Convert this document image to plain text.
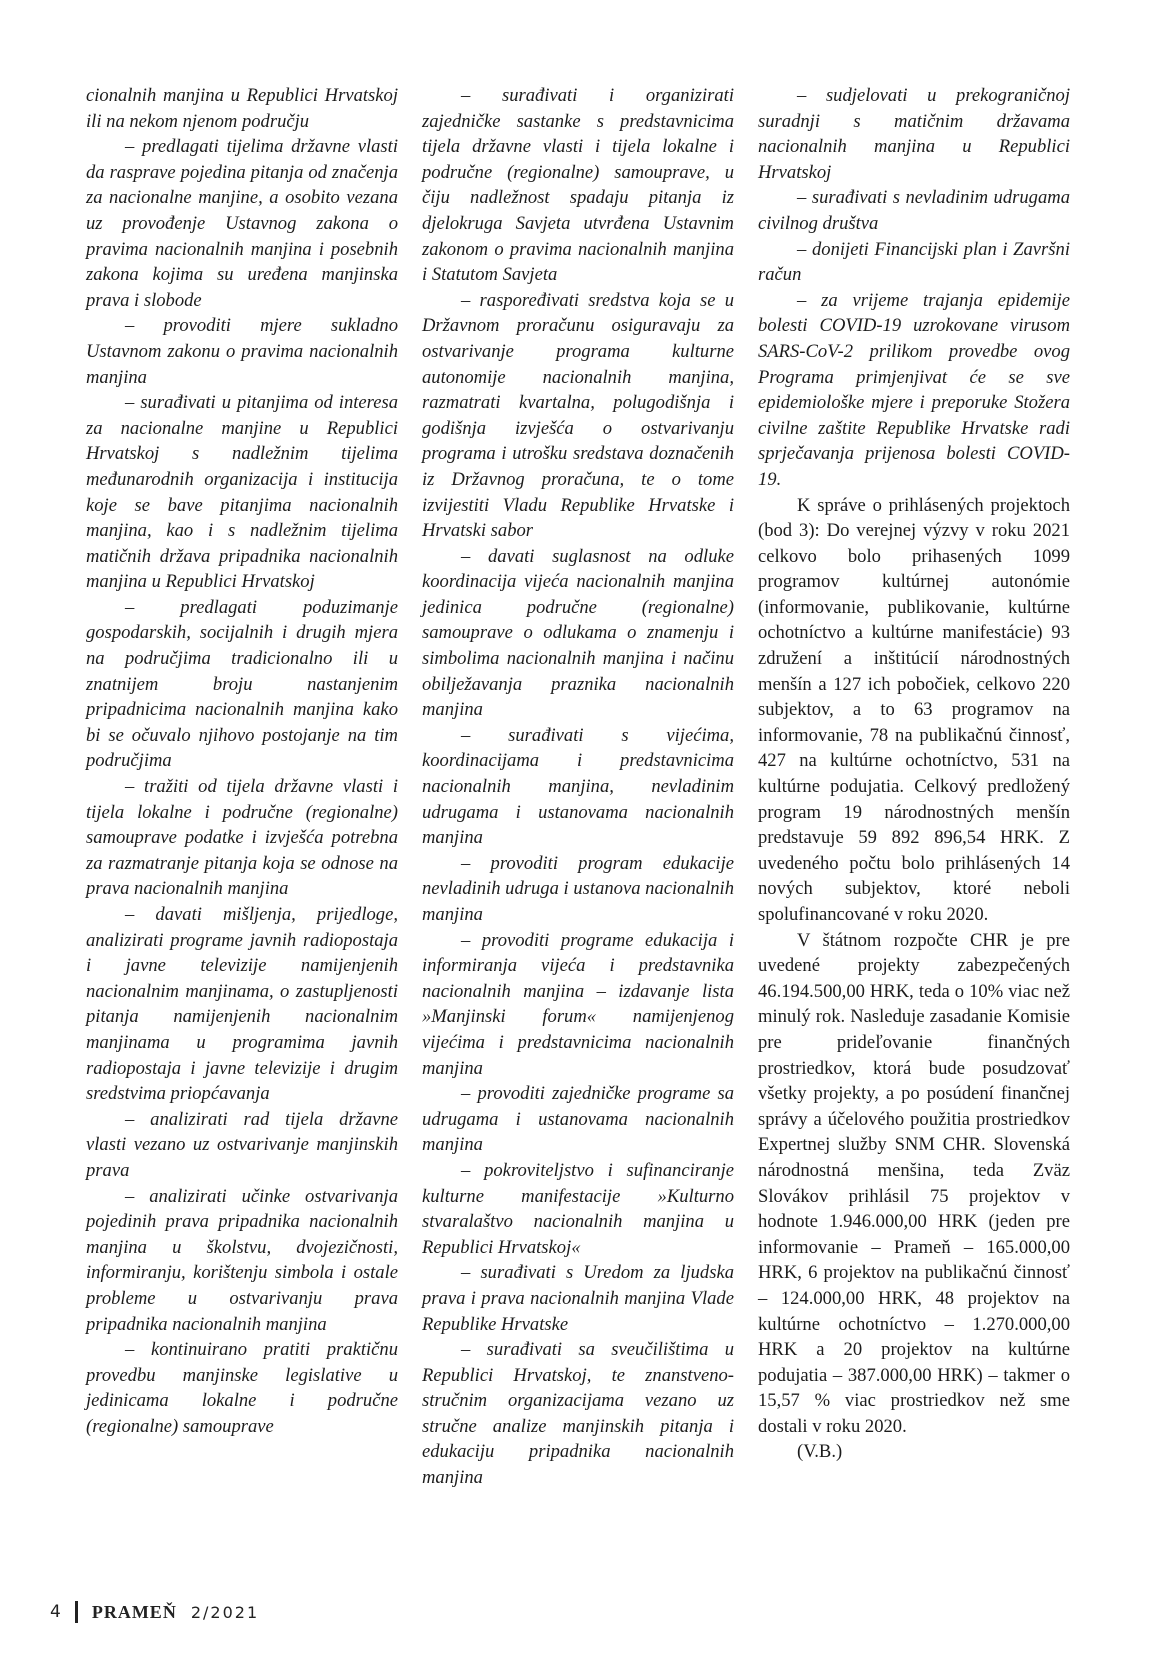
cionalnih manjina u Republici Hrvatskoj ili na nekom njenom području

– predlagati tijelima državne vlasti da rasprave pojedina pitanja od značenja za nacionalne manjine, a osobito vezana uz provođenje Ustavnog zakona o pravima nacionalnih manjina i posebnih zakona kojima su uređena manjinska prava i slobode

– provoditi mjere sukladno Ustavnom zakonu o pravima nacionalnih manjina

– surađivati u pitanjima od interesa za nacionalne manjine u Republici Hrvatskoj s nadležnim tijelima međunarodnih organizacija i institucija koje se bave pitanjima nacionalnih manjina, kao i s nadležnim tijelima matičnih država pripadnika nacionalnih manjina u Republici Hrvatskoj

– predlagati poduzimanje gospodarskih, socijalnih i drugih mjera na područjima tradicionalno ili u znatnijem broju nastanjenim pripadnicima nacionalnih manjina kako bi se očuvalo njihovo postojanje na tim područjima

– tražiti od tijela državne vlasti i tijela lokalne i područne (regionalne) samouprave podatke i izvješća potrebna za razmatranje pitanja koja se odnose na prava nacionalnih manjina

– davati mišljenja, prijedloge, analizirati programe javnih radiopostaja i javne televizije namijenjenih nacionalnim manjinama, o zastupljenosti pitanja namijenjenih nacionalnim manjinama u programima javnih radiopostaja i javne televizije i drugim sredstvima priopćavanja

– analizirati rad tijela državne vlasti vezano uz ostvarivanje manjinskih prava

– analizirati učinke ostvarivanja pojedinih prava pripadnika nacionalnih manjina u školstvu, dvojezičnosti, informiranju, korištenju simbola i ostale probleme u ostvarivanju prava pripadnika nacionalnih manjina

– kontinuirano pratiti praktičnu provedbu manjinske legislative u jedinicama lokalne i područne (regionalne) samouprave

– surađivati i organizirati zajedničke sastanke s predstavnicima tijela državne vlasti i tijela lokalne i područne (regionalne) samouprave, u čiju nadležnost spadaju pitanja iz djelokruga Savjeta utvrđena Ustavnim zakonom o pravima nacionalnih manjina i Statutom Savjeta

– raspoređivati sredstva koja se u Državnom proračunu osiguravaju za ostvarivanje programa kulturne autonomije nacionalnih manjina, razmatrati kvartalna, polugodišnja i godišnja izvješća o ostvarivanju programa i utrošku sredstava doznačenih iz Državnog proračuna, te o tome izvijestiti Vladu Republike Hrvatske i Hrvatski sabor

– davati suglasnost na odluke koordinacija vijeća nacionalnih manjina jedinica područne (regionalne) samouprave o odlukama o znamenju i simbolima nacionalnih manjina i načinu obilježavanja praznika nacionalnih manjina

– surađivati s vijećima, koordinacijama i predstavnicima nacionalnih manjina, nevladinim udrugama i ustanovama nacionalnih manjina

– provoditi program edukacije nevladinih udruga i ustanova nacionalnih manjina

– provoditi programe edukacija i informiranja vijeća i predstavnika nacionalnih manjina – izdavanje lista »Manjinski forum« namijenjenog vijećima i predstavnicima nacionalnih manjina

– provoditi zajedničke programe sa udrugama i ustanovama nacionalnih manjina

– pokroviteljstvo i sufinanciranje kulturne manifestacije »Kulturno stvaralaštvo nacionalnih manjina u Republici Hrvatskoj«

– surađivati s Uredom za ljudska prava i prava nacionalnih manjina Vlade Republike Hrvatske

– surađivati sa sveučilištima u Republici Hrvatskoj, te znanstveno-stručnim organizacijama vezano uz stručne analize manjinskih pitanja i edukaciju pripadnika nacionalnih manjina

– sudjelovati u prekograničnoj suradnji s matičnim državama nacionalnih manjina u Republici Hrvatskoj

– surađivati s nevladinim udrugama civilnog društva

– donijeti Financijski plan i Završni račun

– za vrijeme trajanja epidemije bolesti COVID-19 uzrokovane virusom SARS-CoV-2 prilikom provedbe ovog Programa primjenjivat će se sve epidemiološke mjere i preporuke Stožera civilne zaštite Republike Hrvatske radi sprječavanja prijenosa bolesti COVID-19.

K správe o prihlásených projektoch (bod 3): Do verejnej výzvy v roku 2021 celkovo bolo prihasených 1099 programov kultúrnej autonómie (informovanie, publikovanie, kultúrne ochotníctvo a kultúrne manifestácie) 93 združení a inštitúcií národnostných menšín a 127 ich pobočiek, celkovo 220 subjektov, a to 63 programov na informovanie, 78 na publikačnú činnosť, 427 na kultúrne ochotníctvo, 531 na kultúrne podujatia. Celkový predložený program 19 národnostných menšín predstavuje 59 892 896,54 HRK. Z uvedeného počtu bolo prihlásených 14 nových subjektov, ktoré neboli spolufinancované v roku 2020.

V štátnom rozpočte CHR je pre uvedené projekty zabezpečených 46.194.500,00 HRK, teda o 10% viac než minulý rok. Nasleduje zasadanie Komisie pre prideľovanie finančných prostriedkov, ktorá bude posudzovať všetky projekty, a po posúdení finančnej správy a účelového použitia prostriedkov Expertnej služby SNM CHR. Slovenská národnostná menšina, teda Zväz Slovákov prihlásil 75 projektov v hodnote 1.946.000,00 HRK (jeden pre informovanie – Prameň – 165.000,00 HRK, 6 projektov na publikačnú činnosť – 124.000,00 HRK, 48 projektov na kultúrne ochotníctvo – 1.270.000,00 HRK a 20 projektov na kultúrne podujatia – 387.000,00 HRK) – takmer o 15,57 % viac prostriedkov než sme dostali v roku 2020.

(V.B.)

4 PRAMEŇ 2/2021
